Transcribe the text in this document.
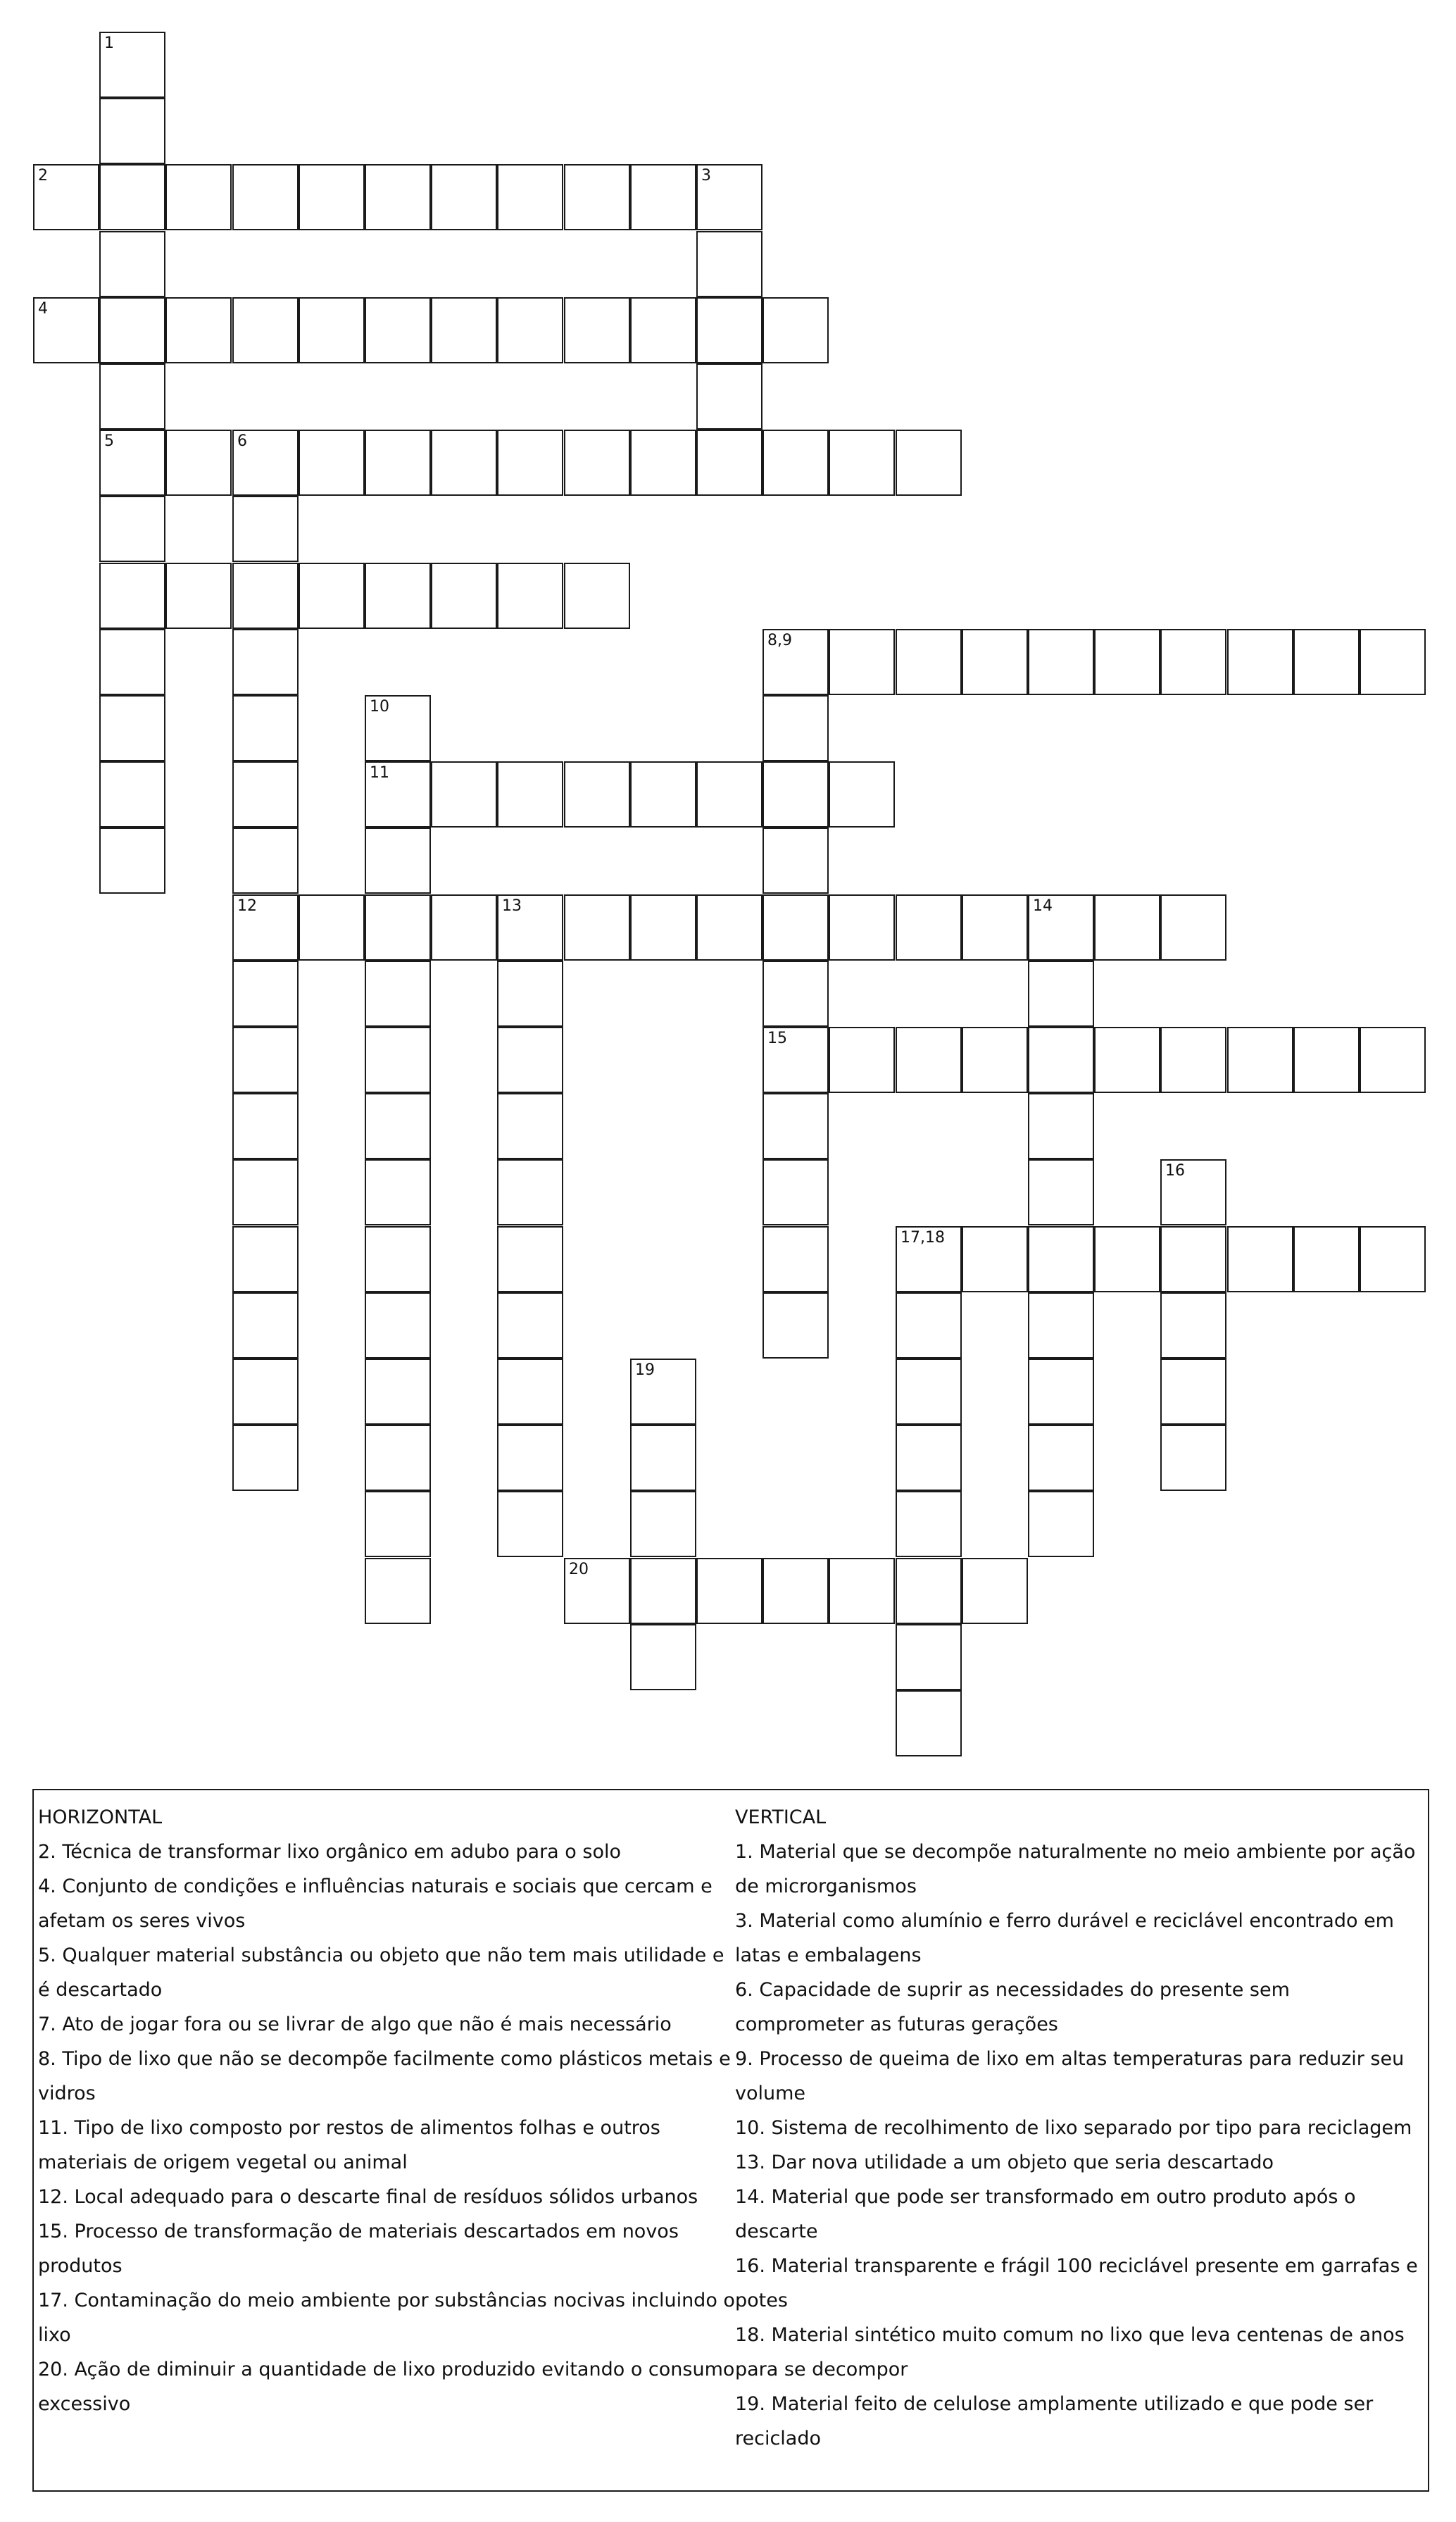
1
2	3
4
5	6
8,9
10
11
12	13	14
15
16
17,18
19
20
HORIZONTAL
2. Técnica de transformar lixo orgânico em adubo para o solo
4. Conjunto de condições e influências naturais e sociais que cercam e afetam os seres vivos
5. Qualquer material substância ou objeto que não tem mais utilidade e é descartado
7. Ato de jogar fora ou se livrar de algo que não é mais necessário
8. Tipo de lixo que não se decompõe facilmente como plásticos metais e vidros
11. Tipo de lixo composto por restos de alimentos folhas e outros materiais de origem vegetal ou animal
12. Local adequado para o descarte final de resíduos sólidos urbanos
15. Processo de transformação de materiais descartados em novos produtos
17. Contaminação do meio ambiente por substâncias nocivas incluindo o lixo
20. Ação de diminuir a quantidade de lixo produzido evitando o consumo excessivo
VERTICAL
1. Material que se decompõe naturalmente no meio ambiente por ação de microrganismos
3. Material como alumínio e ferro durável e reciclável encontrado em latas e embalagens
6. Capacidade de suprir as necessidades do presente sem comprometer as futuras gerações
9. Processo de queima de lixo em altas temperaturas para reduzir seu volume
10. Sistema de recolhimento de lixo separado por tipo para reciclagem
13. Dar nova utilidade a um objeto que seria descartado
14. Material que pode ser transformado em outro produto após o descarte
16. Material transparente e frágil 100 reciclável presente em garrafas e potes
18. Material sintético muito comum no lixo que leva centenas de anos para se decompor
19. Material feito de celulose amplamente utilizado e que pode ser reciclado
